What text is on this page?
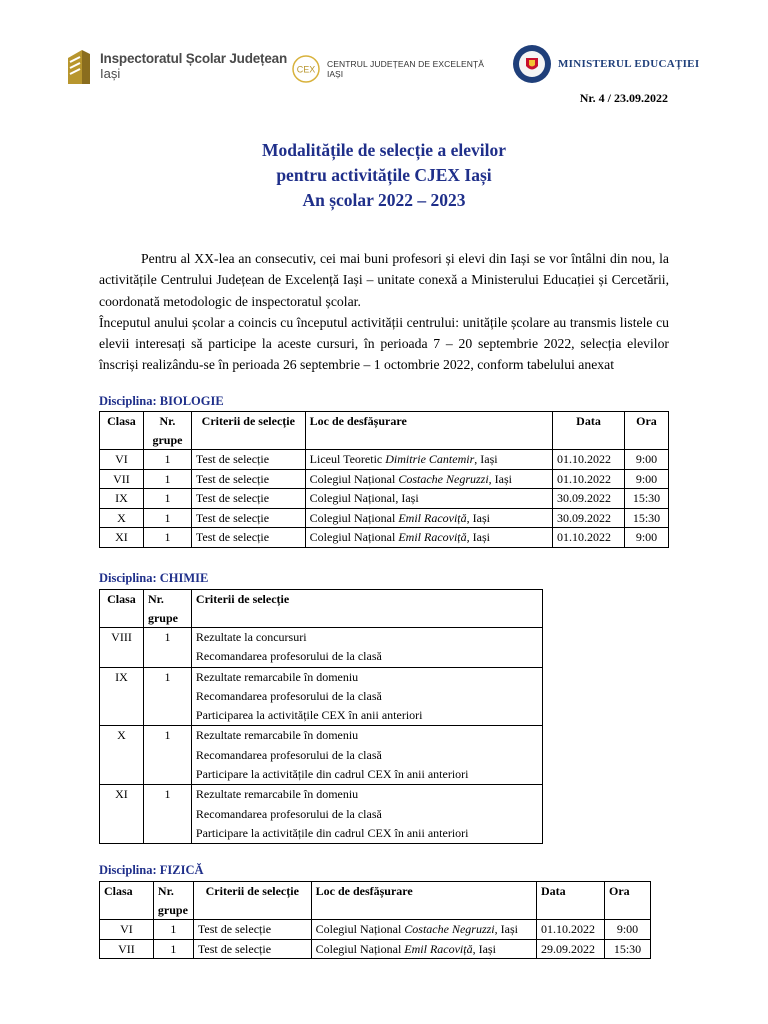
Inspectoratul Școlar Județean
Iași	CEX
CENTRUL JUDEȚEAN DE EXCELENȚĂ
IAȘI
MINISTERUL EDUCAȚIEI
Nr. 4 / 23.09.2022
Modalitățile de selecție a elevilor
pentru activitățile CJEX Iași
An școlar 2022 – 2023

Pentru al XX-lea an consecutiv, cei mai buni profesori și elevi din Iași se vor întâlni din nou, la activitățile Centrului Județean de Excelență Iași – unitate conexă a Ministerului Educației și Cercetării, coordonată metodologic de inspectoratul școlar.

Începutul anului școlar a coincis cu începutul activității centrului: unitățile școlare au transmis listele cu elevii interesați să participe la aceste cursuri, în perioada 7 – 20 septembrie 2022, selecția elevilor înscriși realizându-se în perioada 26 septembrie – 1 octombrie 2022, conform tabelului anexat

Disciplina: BIOLOGIE
Clasa	Nr. grupe	Criterii de selecție	Loc de desfășurare	Data	Ora
VI	1	Test de selecție	Liceul Teoretic Dimitrie Cantemir, Iași	01.10.2022	9:00
VII	1	Test de selecție	Colegiul Național Costache Negruzzi, Iași	01.10.2022	9:00
IX	1	Test de selecție	Colegiul Național, Iași	30.09.2022	15:30
X	1	Test de selecție	Colegiul Național Emil Racoviță, Iași	30.09.2022	15:30
XI	1	Test de selecție	Colegiul Național Emil Racoviță, Iași	01.10.2022	9:00
Disciplina: CHIMIE
Clasa	Nr. grupe	Criterii de selecție
VIII	1	Rezultate la concursuri
Recomandarea profesorului de la clasă

IX	1	Rezultate remarcabile în domeniu
Recomandarea profesorului de la clasă
Participarea la activitățile CEX în anii anteriori

X	1	Rezultate remarcabile în domeniu
Recomandarea profesorului de la clasă
Participare la activitățile din cadrul CEX în anii anteriori

XI	1	Rezultate remarcabile în domeniu
Recomandarea profesorului de la clasă
Participare la activitățile din cadrul CEX în anii anteriori
Disciplina: FIZICĂ
Clasa	Nr. grupe	Criterii de selecție	Loc de desfășurare	Data	Ora
VI	1	Test de selecție	Colegiul Național Costache Negruzzi, Iași	01.10.2022	9:00
VII	1	Test de selecție	Colegiul Național Emil Racoviță, Iași	29.09.2022	15:30
